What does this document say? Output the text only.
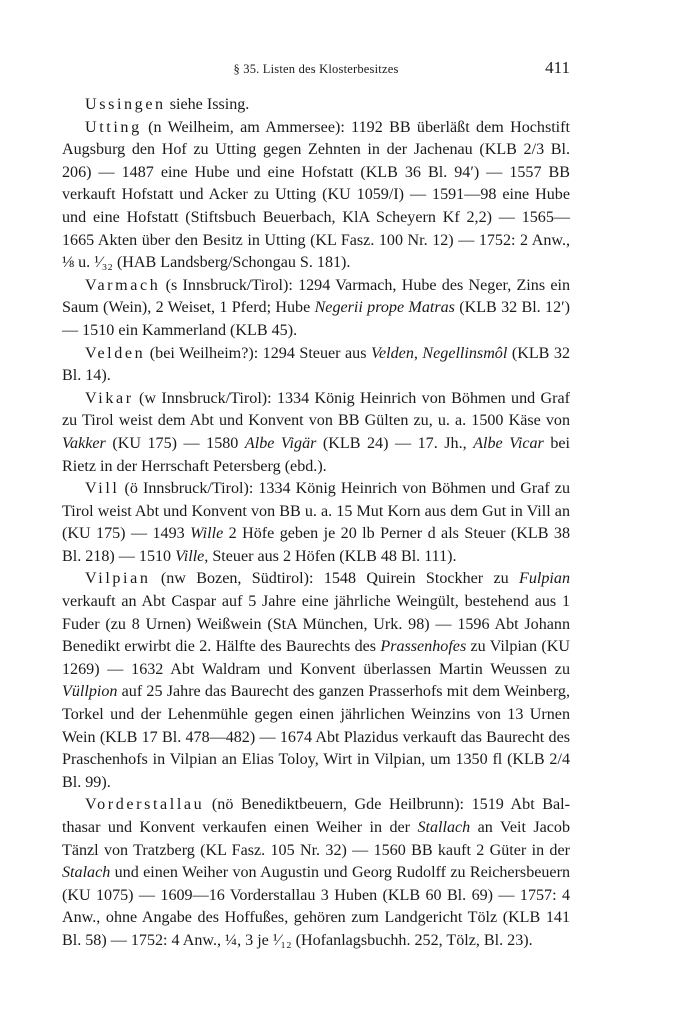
§ 35. Listen des Klosterbesitzes	411

Ussingen siehe Issing.

Utting (n Weilheim, am Ammersee): 1192 BB überläßt dem Hochstift Augsburg den Hof zu Utting gegen Zehnten in der Jachenau (KLB 2/3 Bl. 206) — 1487 eine Hube und eine Hofstatt (KLB 36 Bl. 94′) — 1557 BB verkauft Hofstatt und Acker zu Utting (KU 1059/I) — 1591—98 eine Hube und eine Hofstatt (Stiftsbuch Beuerbach, KlA Scheyern Kf 2,2) — 1565—1665 Akten über den Besitz in Utting (KL Fasz. 100 Nr. 12) — 1752: 2 Anw., ⅛ u. ¹⁄₃₂ (HAB Landsberg/Schongau S. 181).

Varmach (s Innsbruck/Tirol): 1294 Varmach, Hube des Neger, Zins ein Saum (Wein), 2 Weiset, 1 Pferd; Hube Negerii prope Matras (KLB 32 Bl. 12′) — 1510 ein Kammerland (KLB 45).

Velden (bei Weilheim?): 1294 Steuer aus Velden, Negellinsmôl (KLB 32 Bl. 14).

Vikar (w Innsbruck/Tirol): 1334 König Heinrich von Böhmen und Graf zu Tirol weist dem Abt und Konvent von BB Gülten zu, u. a. 1500 Käse von Vakker (KU 175) — 1580 Albe Vigär (KLB 24) — 17. Jh., Albe Vicar bei Rietz in der Herrschaft Petersberg (ebd.).

Vill (ö Innsbruck/Tirol): 1334 König Heinrich von Böhmen und Graf zu Tirol weist Abt und Konvent von BB u. a. 15 Mut Korn aus dem Gut in Vill an (KU 175) — 1493 Wille 2 Höfe geben je 20 lb Perner d als Steuer (KLB 38 Bl. 218) — 1510 Ville, Steuer aus 2 Höfen (KLB 48 Bl. 111).

Vilpian (nw Bozen, Südtirol): 1548 Quirein Stockher zu Fulpian verkauft an Abt Caspar auf 5 Jahre eine jährliche Weingült, bestehend aus 1 Fuder (zu 8 Urnen) Weißwein (StA München, Urk. 98) — 1596 Abt Johann Benedikt erwirbt die 2. Hälfte des Baurechts des Prassenhofes zu Vilpian (KU 1269) — 1632 Abt Waldram und Konvent überlassen Martin Weussen zu Vüllpion auf 25 Jahre das Baurecht des ganzen Prasserhofs mit dem Weinberg, Torkel und der Lehenmühle gegen einen jährlichen Weinzins von 13 Urnen Wein (KLB 17 Bl. 478—482) — 1674 Abt Plazidus verkauft das Baurecht des Praschenhofs in Vilpian an Elias Toloy, Wirt in Vilpian, um 1350 fl (KLB 2/4 Bl. 99).

Vorderstallau (nö Benediktbeuern, Gde Heilbrunn): 1519 Abt Balthasar und Konvent verkaufen einen Weiher in der Stallach an Veit Jacob Tänzl von Tratzberg (KL Fasz. 105 Nr. 32) — 1560 BB kauft 2 Güter in der Stalach und einen Weiher von Augustin und Georg Rudolff zu Reichersbeuern (KU 1075) — 1609—16 Vorderstallau 3 Huben (KLB 60 Bl. 69) — 1757: 4 Anw., ohne Angabe des Hoffußes, gehören zum Landgericht Tölz (KLB 141 Bl. 58) — 1752: 4 Anw., ¼, 3 je ¹⁄₁₂ (Hofanlagsbuchh. 252, Tölz, Bl. 23).
